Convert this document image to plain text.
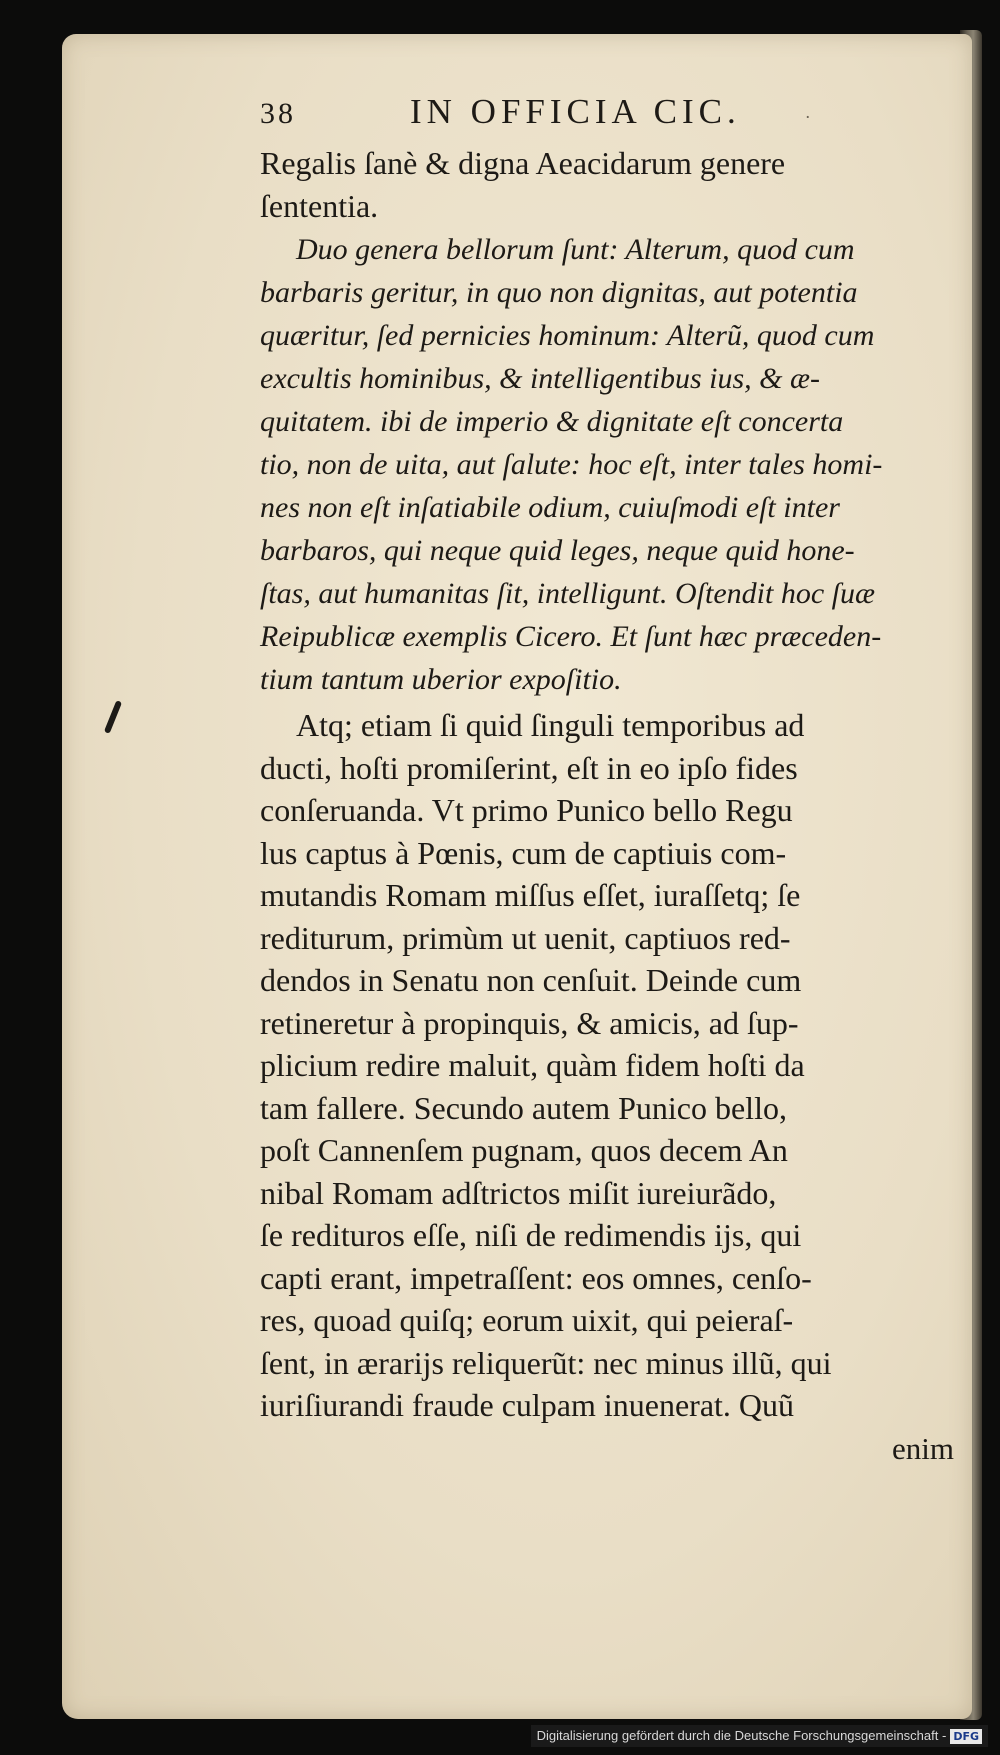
38	IN OFFICIA CIC.	·
Regalis ſanè & digna Aeacidarum genere
ſententia.
Duo genera bellorum ſunt: Alterum, quod cum
barbaris geritur, in quo non dignitas, aut potentia
quæritur, ſed pernicies hominum: Alterũ, quod cum
excultis hominibus, & intelligentibus ius, & æ-
quitatem. ibi de imperio & dignitate eſt concerta
tio, non de uita, aut ſalute: hoc eſt, inter tales homi-
nes non eſt inſatiabile odium, cuiuſmodi eſt inter
barbaros, qui neque quid leges, neque quid hone-
ſtas, aut humanitas ſit, intelligunt. Oſtendit hoc ſuæ
Reipublicæ exemplis Cicero. Et ſunt hæc præceden-
tium tantum uberior expoſitio.
Atq; etiam ſi quid ſinguli temporibus ad
ducti, hoſti promiſerint, eſt in eo ipſo fides
conſeruanda. Vt primo Punico bello Regu
lus captus à Pœnis, cum de captiuis com-
mutandis Romam miſſus eſſet, iuraſſetq; ſe
rediturum, primùm ut uenit, captiuos red-
dendos in Senatu non cenſuit. Deinde cum
retineretur à propinquis, & amicis, ad ſup-
plicium redire maluit, quàm fidem hoſti da
tam fallere. Secundo autem Punico bello,
poſt Cannenſem pugnam, quos decem An
nibal Romam adſtrictos miſit iureiurãdo,
ſe redituros eſſe, niſi de redimendis ijs, qui
capti erant, impetraſſent: eos omnes, cenſo-
res, quoad quiſq; eorum uixit, qui peieraſ-
ſent, in ærarijs reliquerũt: nec minus illũ, qui
iuriſiurandi fraude culpam inuenerat. Quũ
enim
Digitalisierung gefördert durch die Deutsche Forschungsgemeinschaft - DFG
